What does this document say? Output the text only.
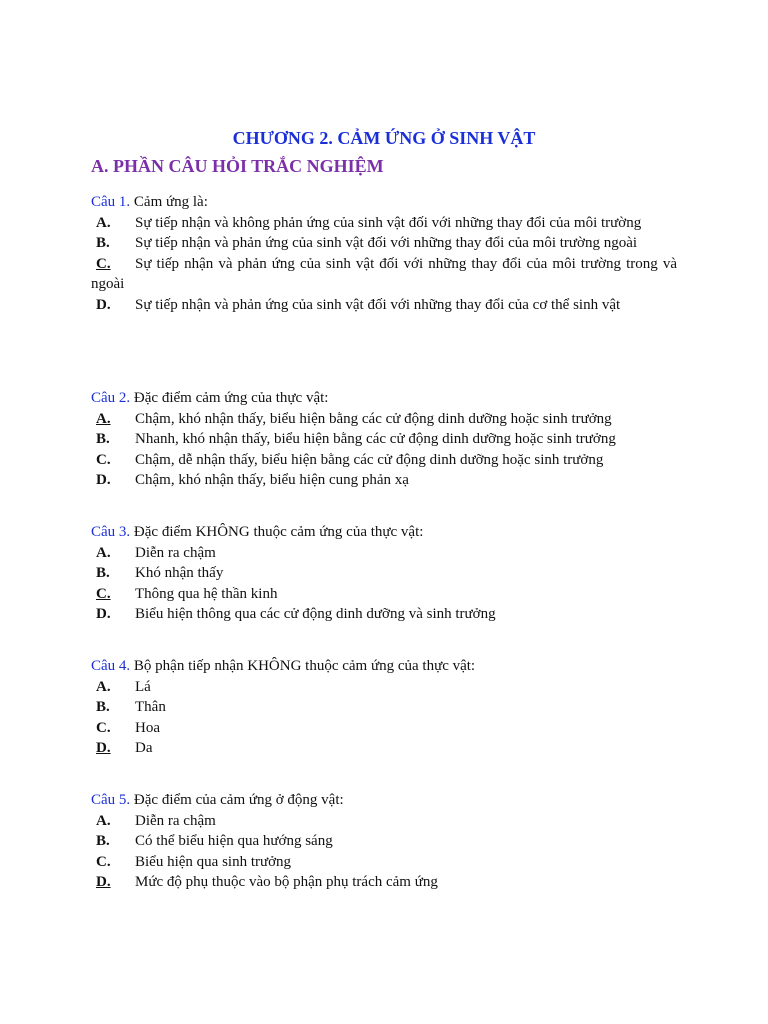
CHƯƠNG 2. CẢM ỨNG Ở SINH VẬT
A. PHẦN CÂU HỎI TRẮC NGHIỆM

Câu 1. Cảm ứng là:

A. Sự tiếp nhận và không phản ứng của sinh vật đối với những thay đổi của môi trường
B. Sự tiếp nhận và phản ứng của sinh vật đối với những thay đổi của môi trường ngoài
C. Sự tiếp nhận và phản ứng của sinh vật đối với những thay đổi của môi trường trong và ngoài
D. Sự tiếp nhận và phản ứng của sinh vật đối với những thay đổi của cơ thể sinh vật

Câu 2. Đặc điểm cảm ứng của thực vật:

A.	Chậm, khó nhận thấy, biểu hiện bằng các cử động dinh dưỡng hoặc sinh trưởng
B.	Nhanh, khó nhận thấy, biểu hiện bằng các cử động dinh dưỡng hoặc sinh trưởng
C.	Chậm, dễ nhận thấy, biểu hiện bằng các cử động dinh dưỡng hoặc sinh trưởng
D.	Chậm, khó nhận thấy, biểu hiện cung phản xạ

Câu 3. Đặc điểm KHÔNG thuộc cảm ứng của thực vật:

A.	Diễn ra chậm
B.	Khó nhận thấy
C.	Thông qua hệ thần kinh
D.	Biểu hiện thông qua các cử động dinh dưỡng và sinh trưởng

Câu 4. Bộ phận tiếp nhận KHÔNG thuộc cảm ứng của thực vật:

A.	Lá
B.	Thân
C.	Hoa
D.	Da

Câu 5. Đặc điểm của cảm ứng ở động vật:

A.	Diễn ra chậm
B.	Có thể biểu hiện qua hướng sáng
C.	Biểu hiện qua sinh trưởng
D.	Mức độ phụ thuộc vào bộ phận phụ trách cảm ứng
